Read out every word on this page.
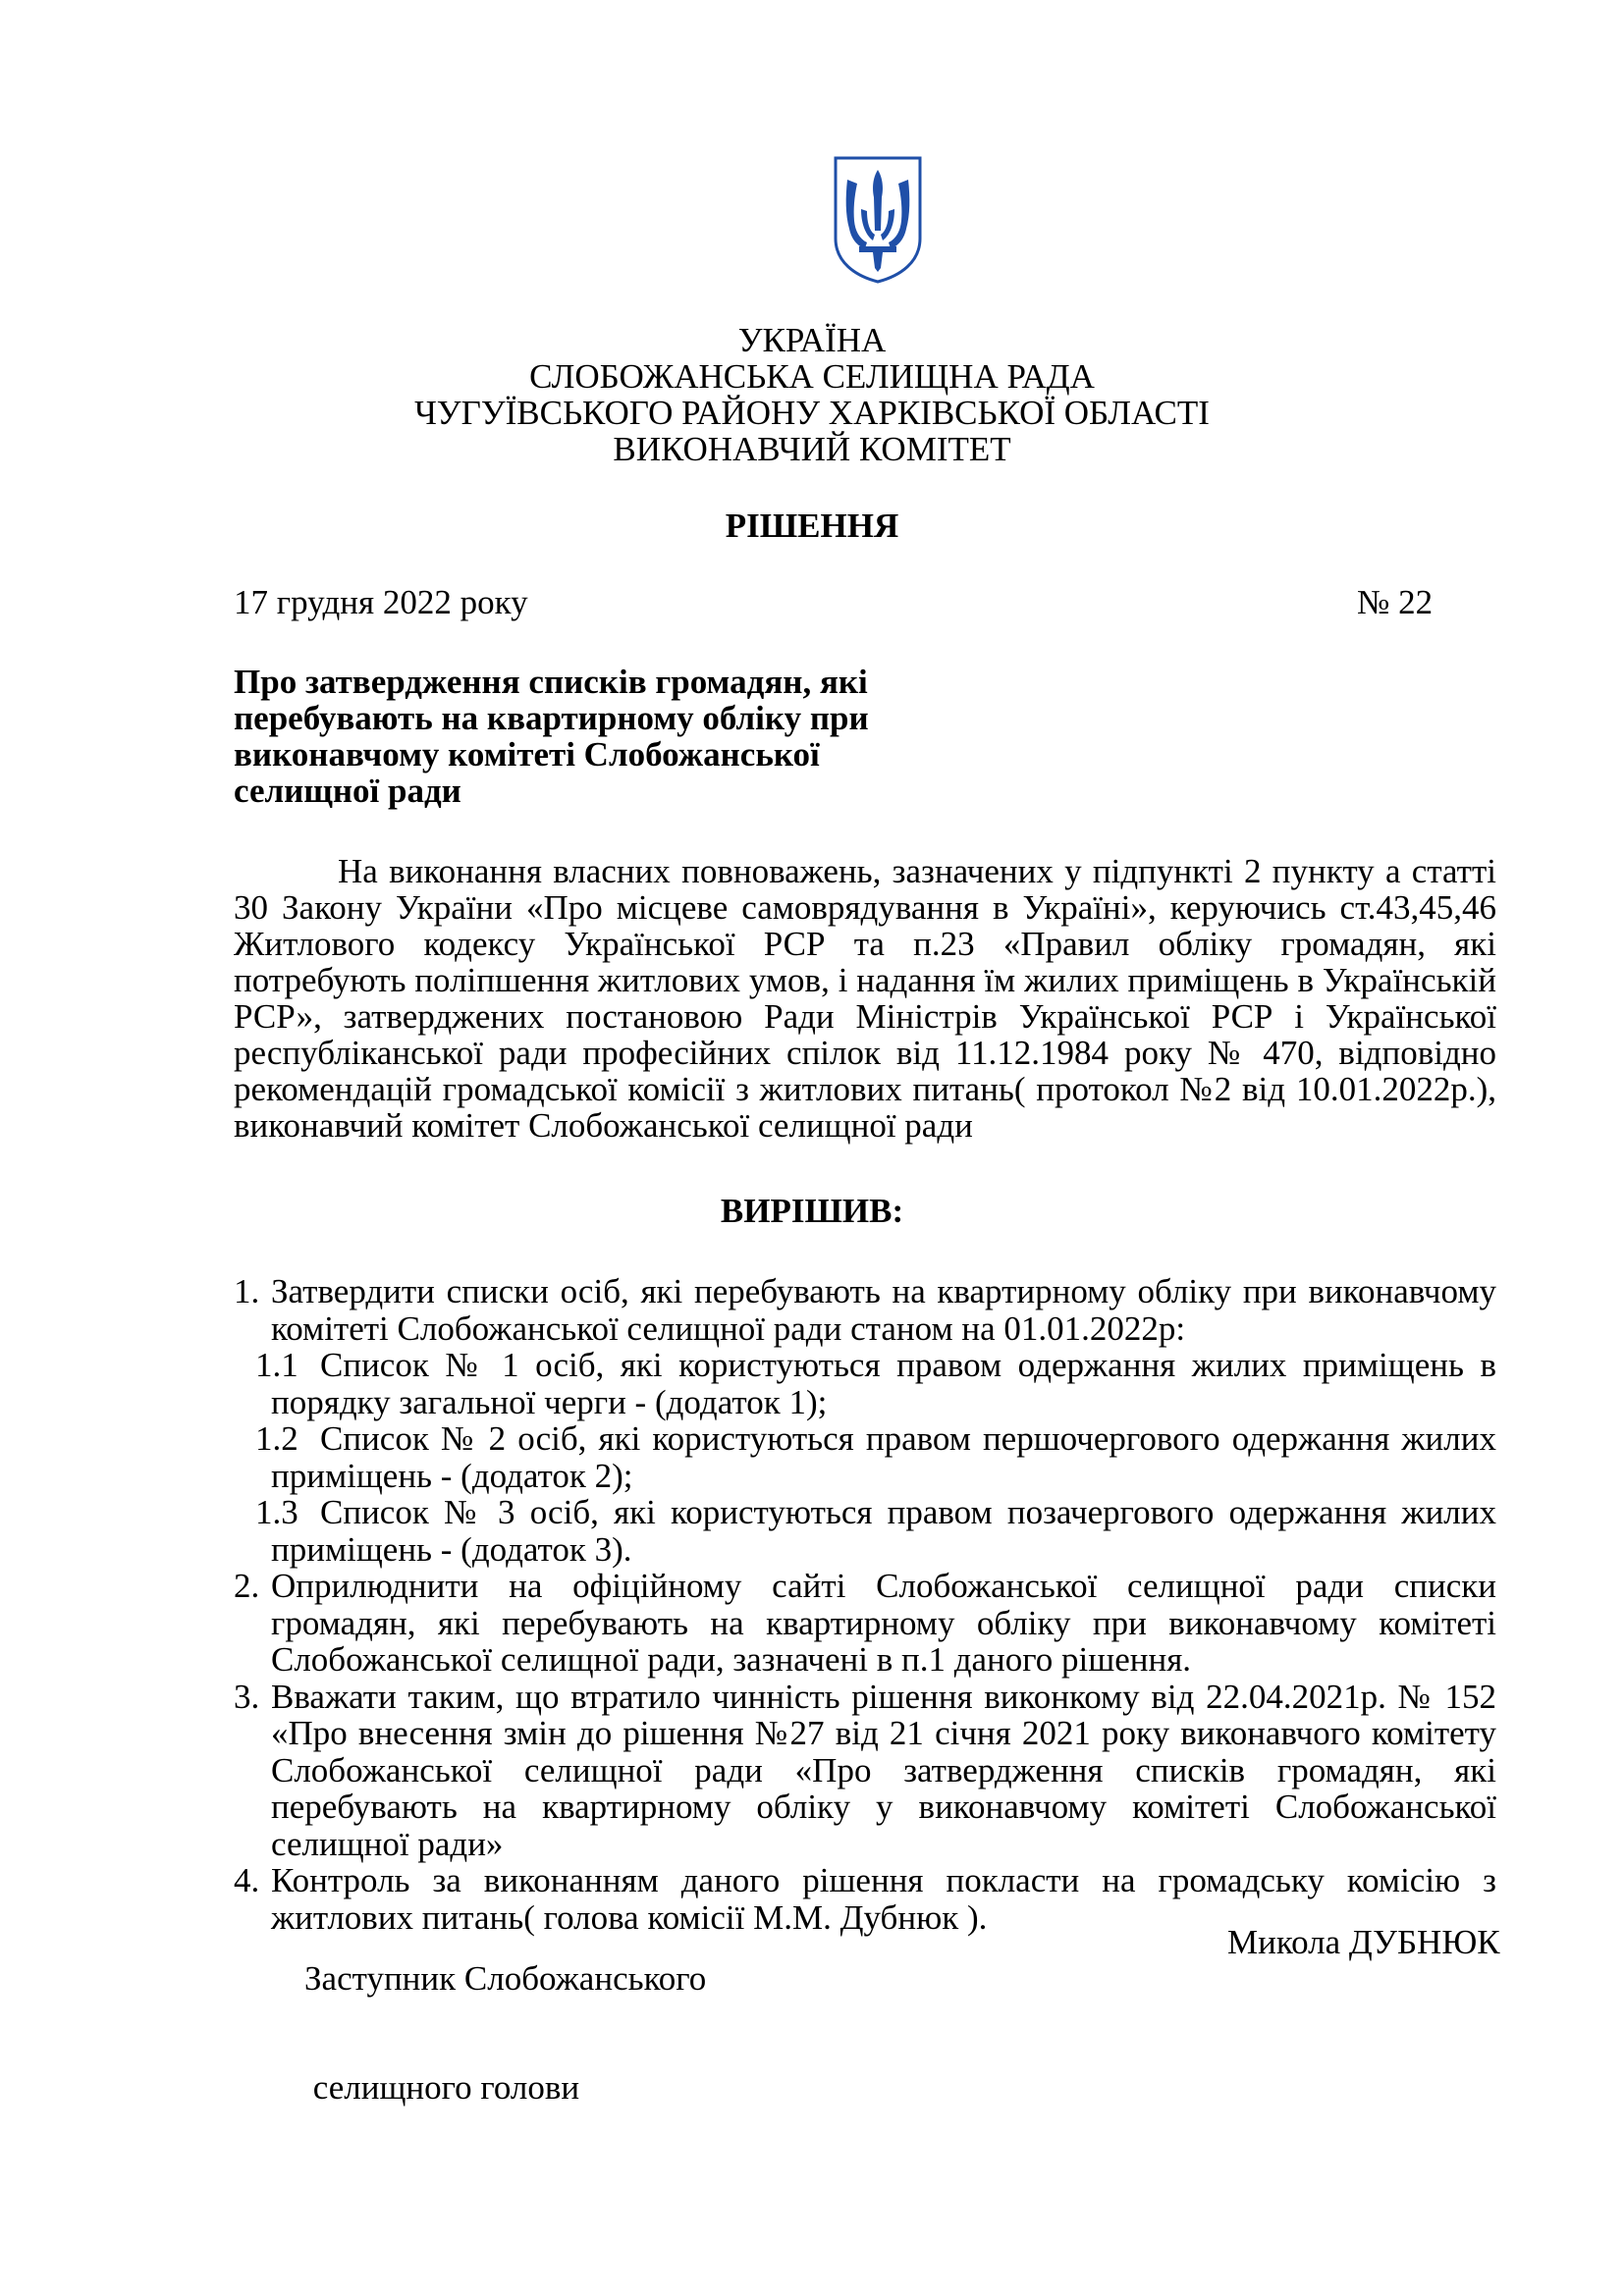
УКРАЇНА
СЛОБОЖАНСЬКА СЕЛИЩНА РАДА
ЧУГУЇВСЬКОГО РАЙОНУ ХАРКІВСЬКОЇ ОБЛАСТІ
ВИКОНАВЧИЙ КОМІТЕТ
РІШЕННЯ
17 грудня 2022 року	№ 22
Про затвердження списків громадян, які
перебувають на квартирному обліку при
виконавчому комітеті Слобожанської
селищної ради
На виконання власних повноважень, зазначених у підпункті 2 пункту а статті
30 Закону України «Про місцеве самоврядування в Україні», керуючись ст.43,45,46 Житлового кодексу Української РСР та п.23 «Правил обліку громадян, які потребують поліпшення житлових умов, і надання їм жилих приміщень в Українській РСР», затверджених постановою Ради Міністрів Української РСР і Української республіканської ради професійних спілок від 11.12.1984 року № 470, відповідно рекомендацій громадської комісії з житлових питань( протокол №2 від 10.01.2022р.), виконавчий комітет Слобожанської селищної ради
ВИРІШИВ:
1. Затвердити списки осіб, які перебувають на квартирному обліку при виконавчому комітеті Слобожанської селищної ради станом на 01.01.2022р:
1.1 Список № 1 осіб, які користуються правом одержання жилих приміщень в порядку загальної черги - (додаток 1);
1.2 Список № 2 осіб, які користуються правом першочергового одержання жилих приміщень - (додаток 2);
1.3 Список № 3 осіб, які користуються правом позачергового одержання жилих приміщень - (додаток 3).
2. Оприлюднити на офіційному сайті Слобожанської селищної ради списки громадян, які перебувають на квартирному обліку при виконавчому комітеті Слобожанської селищної ради, зазначені в п.1 даного рішення.
3. Вважати таким, що втратило чинність рішення виконкому від 22.04.2021р. № 152 «Про внесення змін до рішення №27 від 21 січня 2021 року виконавчого комітету Слобожанської селищної ради «Про затвердження списків громадян, які перебувають на квартирному обліку у виконавчому комітеті Слобожанської селищної ради»
4. Контроль за виконанням даного рішення покласти на громадську комісію з житлових питань( голова комісії М.М. Дубнюк ).

Заступник Слобожанського

селищного голови

Микола ДУБНЮК
